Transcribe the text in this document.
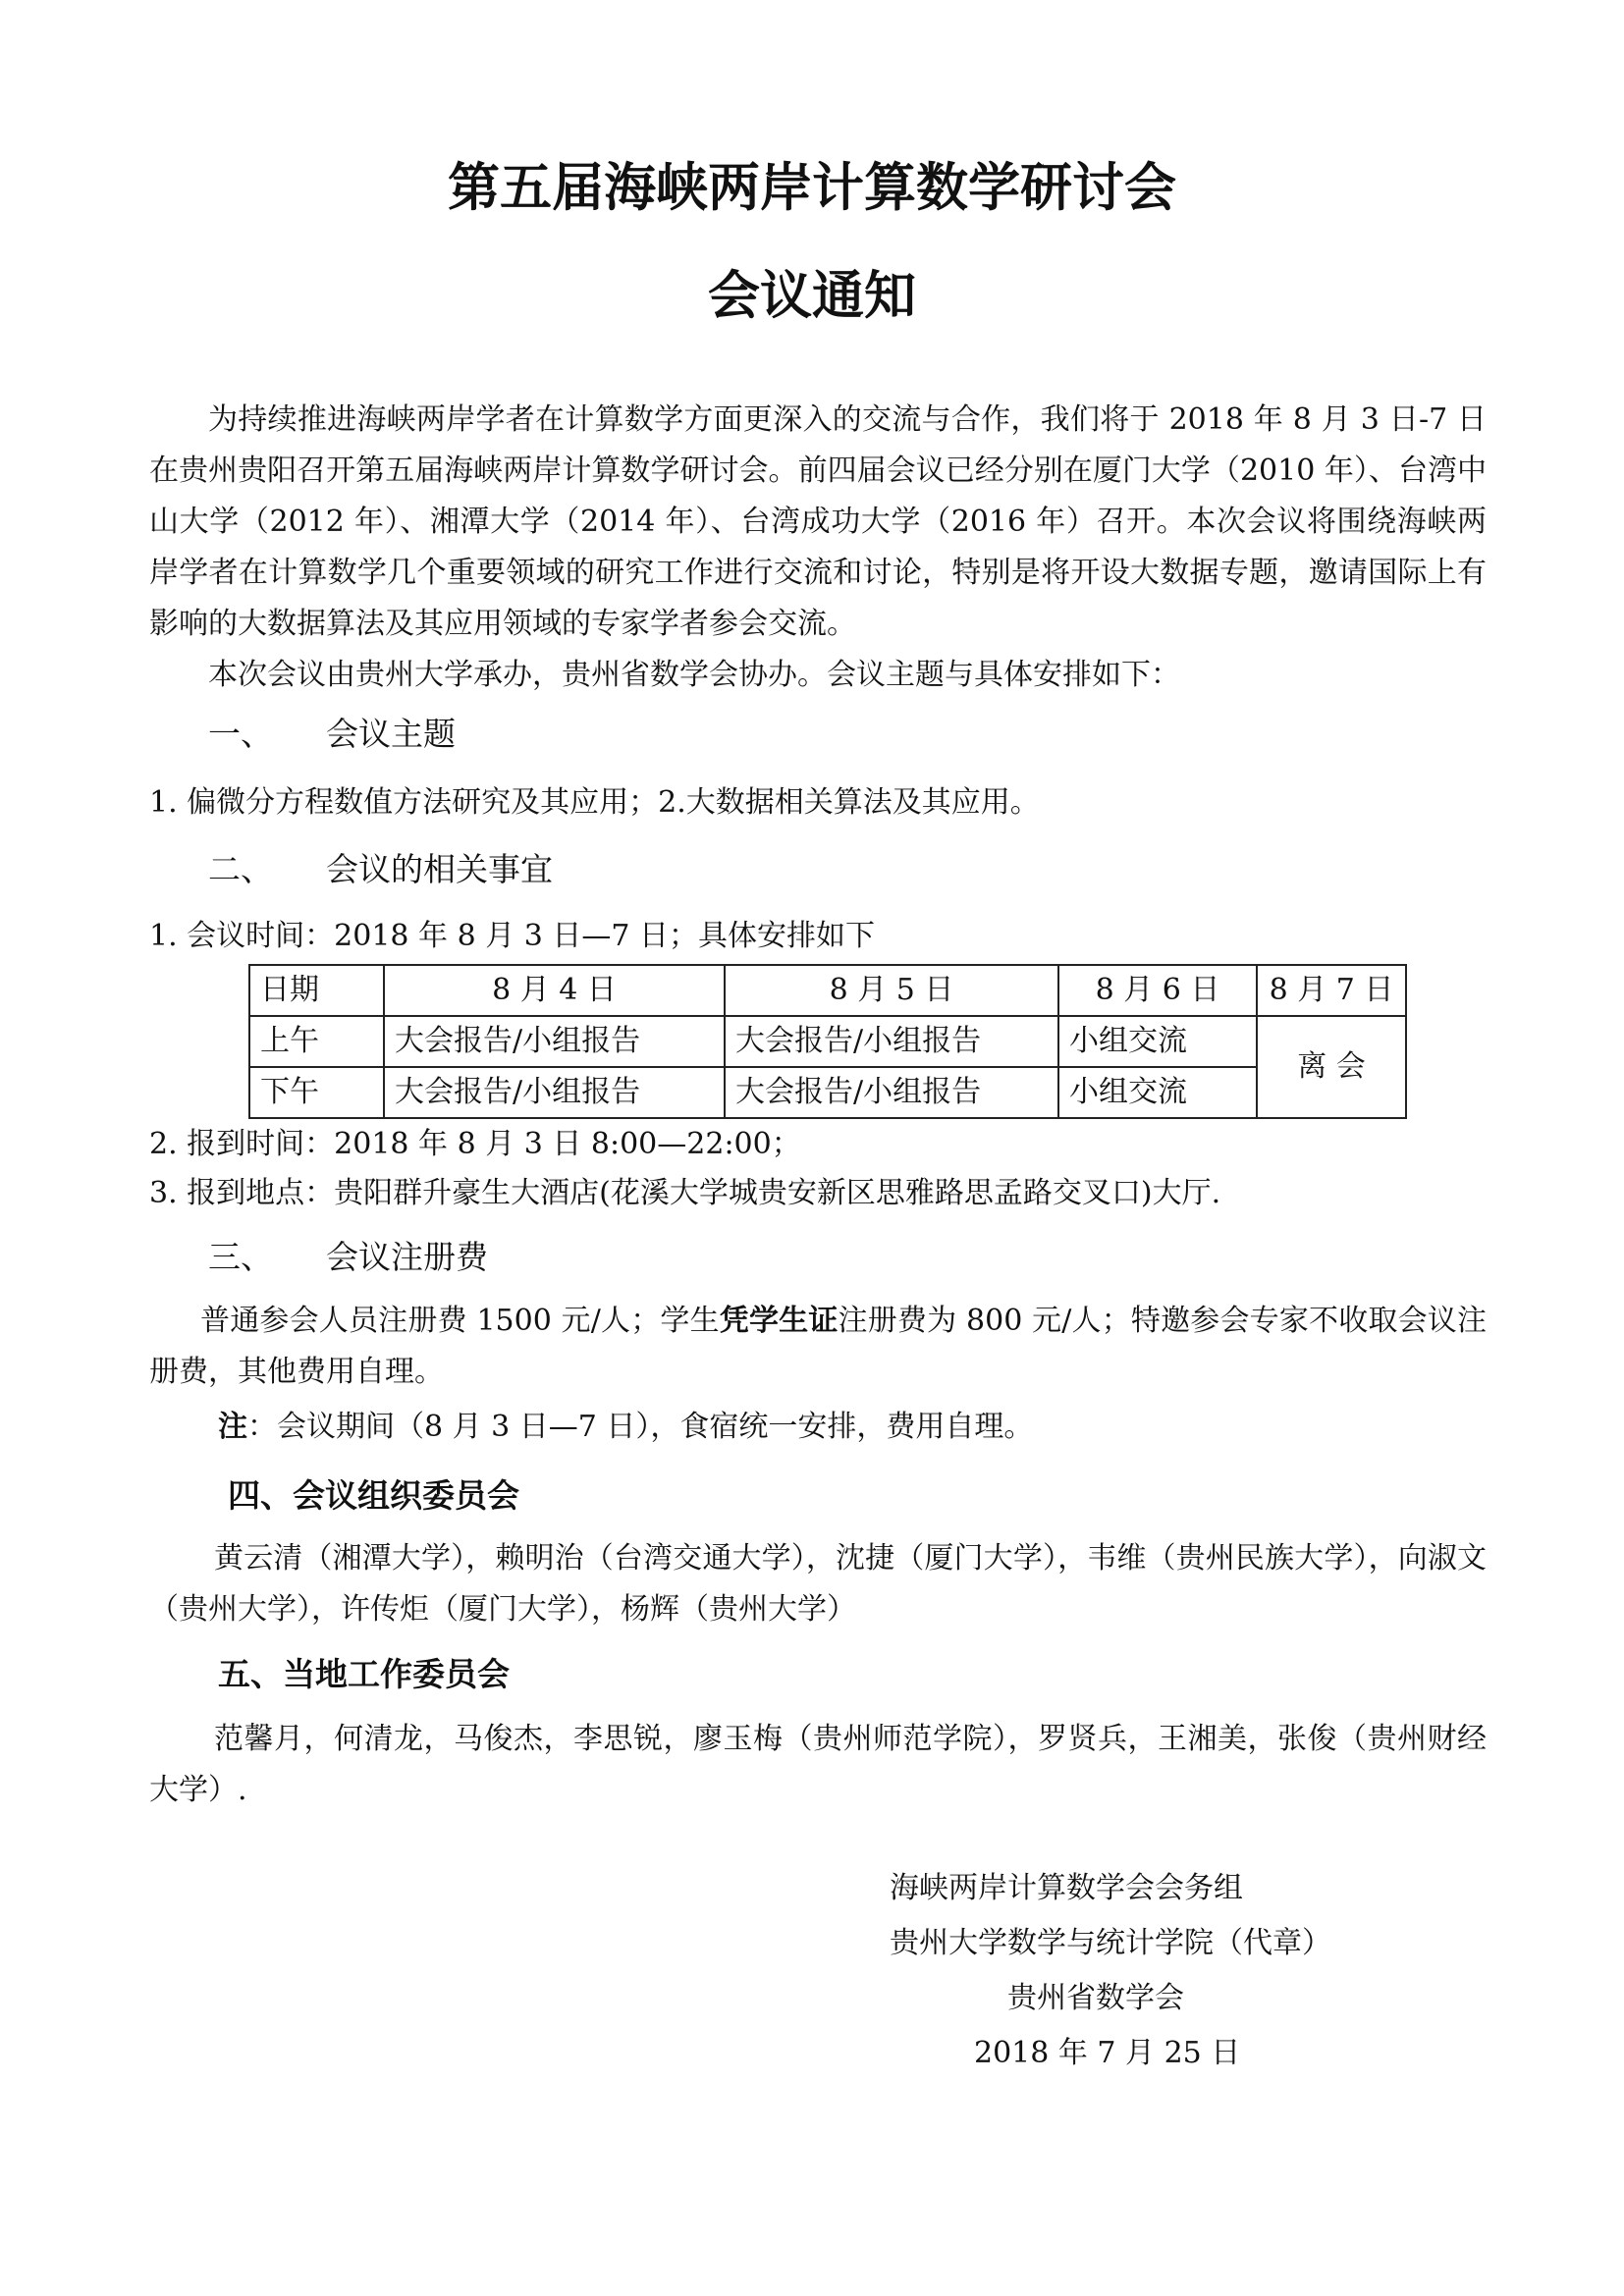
第五届海峡两岸计算数学研讨会
会议通知

为持续推进海峡两岸学者在计算数学方面更深入的交流与合作，我们将于 2018 年 8 月 3 日-7 日在贵州贵阳召开第五届海峡两岸计算数学研讨会。前四届会议已经分别在厦门大学（2010 年）、台湾中山大学（2012 年）、湘潭大学（2014 年）、台湾成功大学（2016 年）召开。本次会议将围绕海峡两岸学者在计算数学几个重要领域的研究工作进行交流和讨论，特别是将开设大数据专题，邀请国际上有影响的大数据算法及其应用领域的专家学者参会交流。

本次会议由贵州大学承办，贵州省数学会协办。会议主题与具体安排如下：

一、 会议主题

1. 偏微分方程数值方法研究及其应用；2.大数据相关算法及其应用。

二、 会议的相关事宜

1. 会议时间：2018 年 8 月 3 日—7 日；具体安排如下

日期	8 月 4 日	8 月 5 日	8 月 6 日	8 月 7 日
上午	大会报告/小组报告	大会报告/小组报告	小组交流	离 会
下午	大会报告/小组报告	大会报告/小组报告	小组交流	

2. 报到时间：2018 年 8 月 3 日 8:00—22:00；

3. 报到地点：贵阳群升豪生大酒店(花溪大学城贵安新区思雅路思孟路交叉口)大厅.

三、 会议注册费

普通参会人员注册费 1500 元/人；学生凭学生证注册费为 800 元/人；特邀参会专家不收取会议注册费，其他费用自理。

注：会议期间（8 月 3 日—7 日），食宿统一安排，费用自理。

四、会议组织委员会

黄云清（湘潭大学），赖明治（台湾交通大学），沈捷（厦门大学），韦维（贵州民族大学），向淑文（贵州大学），许传炬（厦门大学），杨辉（贵州大学）

五、当地工作委员会

范馨月，何清龙，马俊杰，李思锐，廖玉梅（贵州师范学院），罗贤兵，王湘美，张俊（贵州财经大学）.

海峡两岸计算数学会会务组

贵州大学数学与统计学院（代章）

贵州省数学会

2018 年 7 月 25 日
